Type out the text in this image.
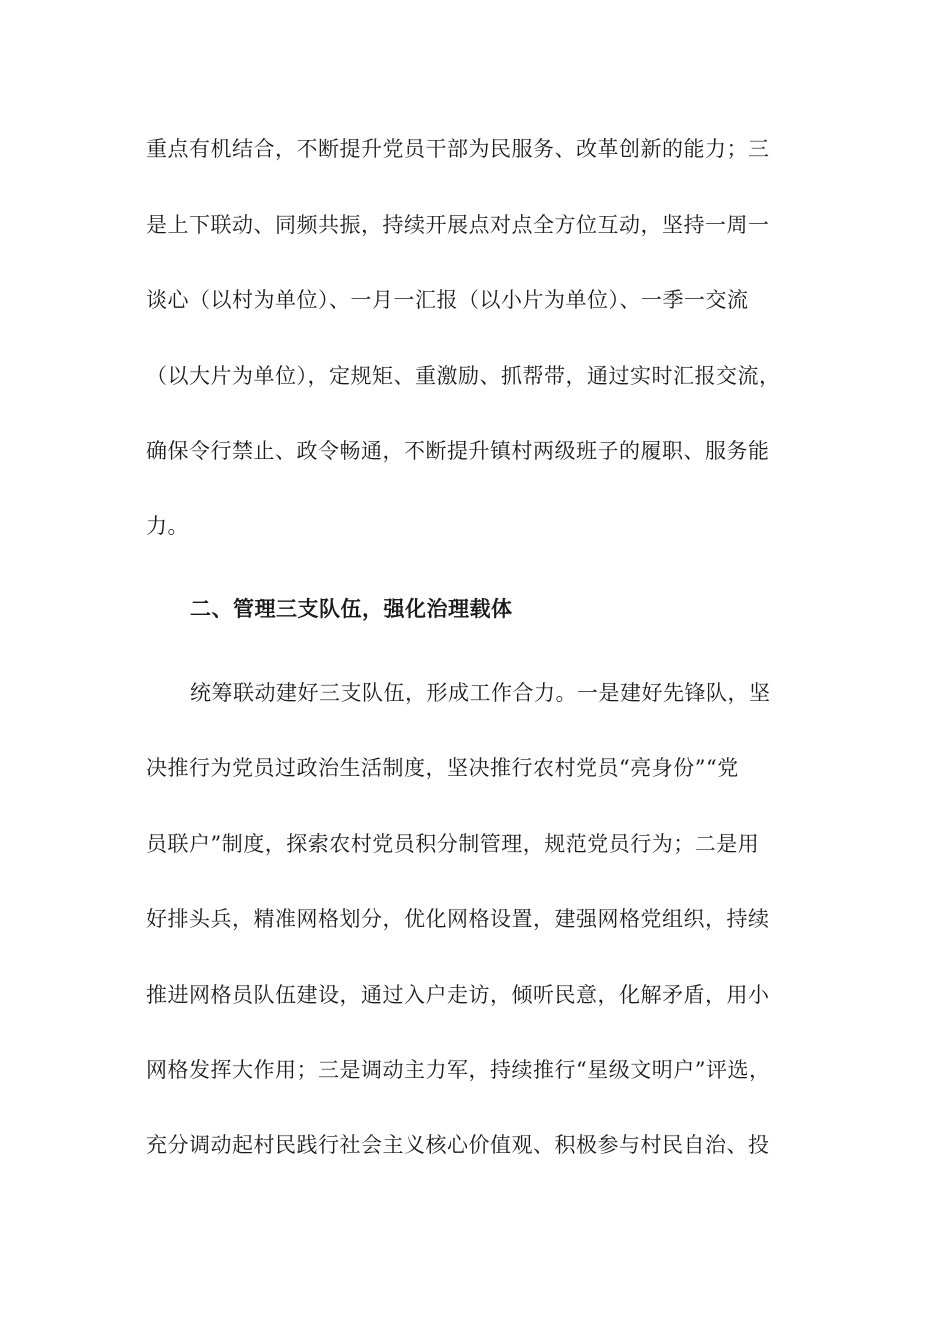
重点有机结合，不断提升党员干部为民服务、改革创新的能力；三
是上下联动、同频共振，持续开展点对点全方位互动，坚持一周一
谈心（以村为单位）、一月一汇报（以小片为单位）、一季一交流
（以大片为单位），定规矩、重激励、抓帮带，通过实时汇报交流，
确保令行禁止、政令畅通，不断提升镇村两级班子的履职、服务能
力。
二、管理三支队伍，强化治理载体
统筹联动建好三支队伍，形成工作合力。一是建好先锋队，坚
决推行为党员过政治生活制度，坚决推行农村党员“亮身份”“党
员联户”制度，探索农村党员积分制管理，规范党员行为；二是用
好排头兵，精准网格划分，优化网格设置，建强网格党组织，持续
推进网格员队伍建设，通过入户走访，倾听民意，化解矛盾，用小
网格发挥大作用；三是调动主力军，持续推行“星级文明户”评选，
充分调动起村民践行社会主义核心价值观、积极参与村民自治、投
